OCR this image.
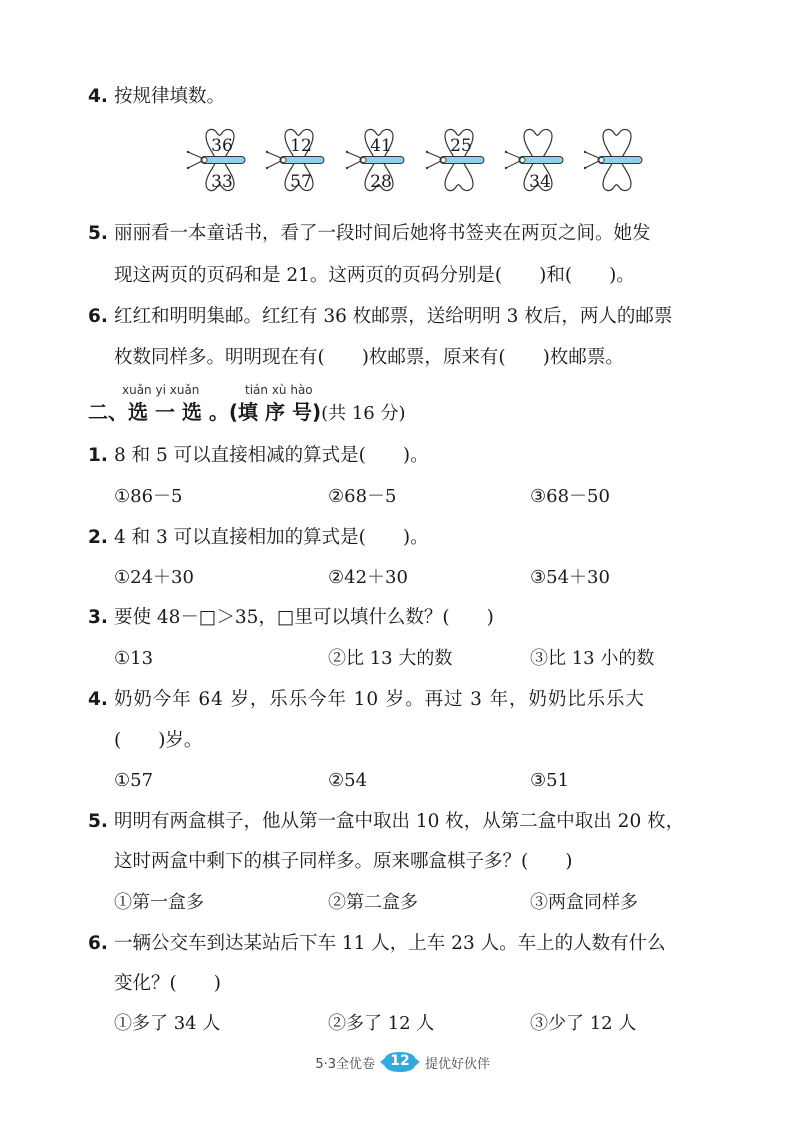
4. 按规律填数。
36
33
12
57
41
28
25
34
5. 丽丽看一本童话书，看了一段时间后她将书签夹在两页之间。她发
现这两页的页码和是 21。这两页的页码分别是(　　)和(　　)。
6. 红红和明明集邮。红红有 36 枚邮票，送给明明 3 枚后，两人的邮票
枚数同样多。明明现在有(　　)枚邮票，原来有(　　)枚邮票。
xuǎn yi xuǎn	tián xù hào
二、选 一 选 。(填 序 号)(共 16 分)
1. 8 和 5 可以直接相减的算式是(　　)。
①86－5	②68－5	③68－50
2. 4 和 3 可以直接相加的算式是(　　)。
①24＋30	②42＋30	③54＋30
3. 要使 48－□＞35，□里可以填什么数？(　　)
①13	②比 13 大的数	③比 13 小的数
4. 奶奶今年 64 岁，乐乐今年 10 岁。再过 3 年，奶奶比乐乐大
(　　)岁。
①57	②54	③51
5. 明明有两盒棋子，他从第一盒中取出 10 枚，从第二盒中取出 20 枚，
这时两盒中剩下的棋子同样多。原来哪盒棋子多？(　　)
①第一盒多	②第二盒多	③两盒同样多
6. 一辆公交车到达某站后下车 11 人，上车 23 人。车上的人数有什么
变化？(　　)
①多了 34 人	②多了 12 人	③少了 12 人
5·3全优卷	12	提优好伙伴
